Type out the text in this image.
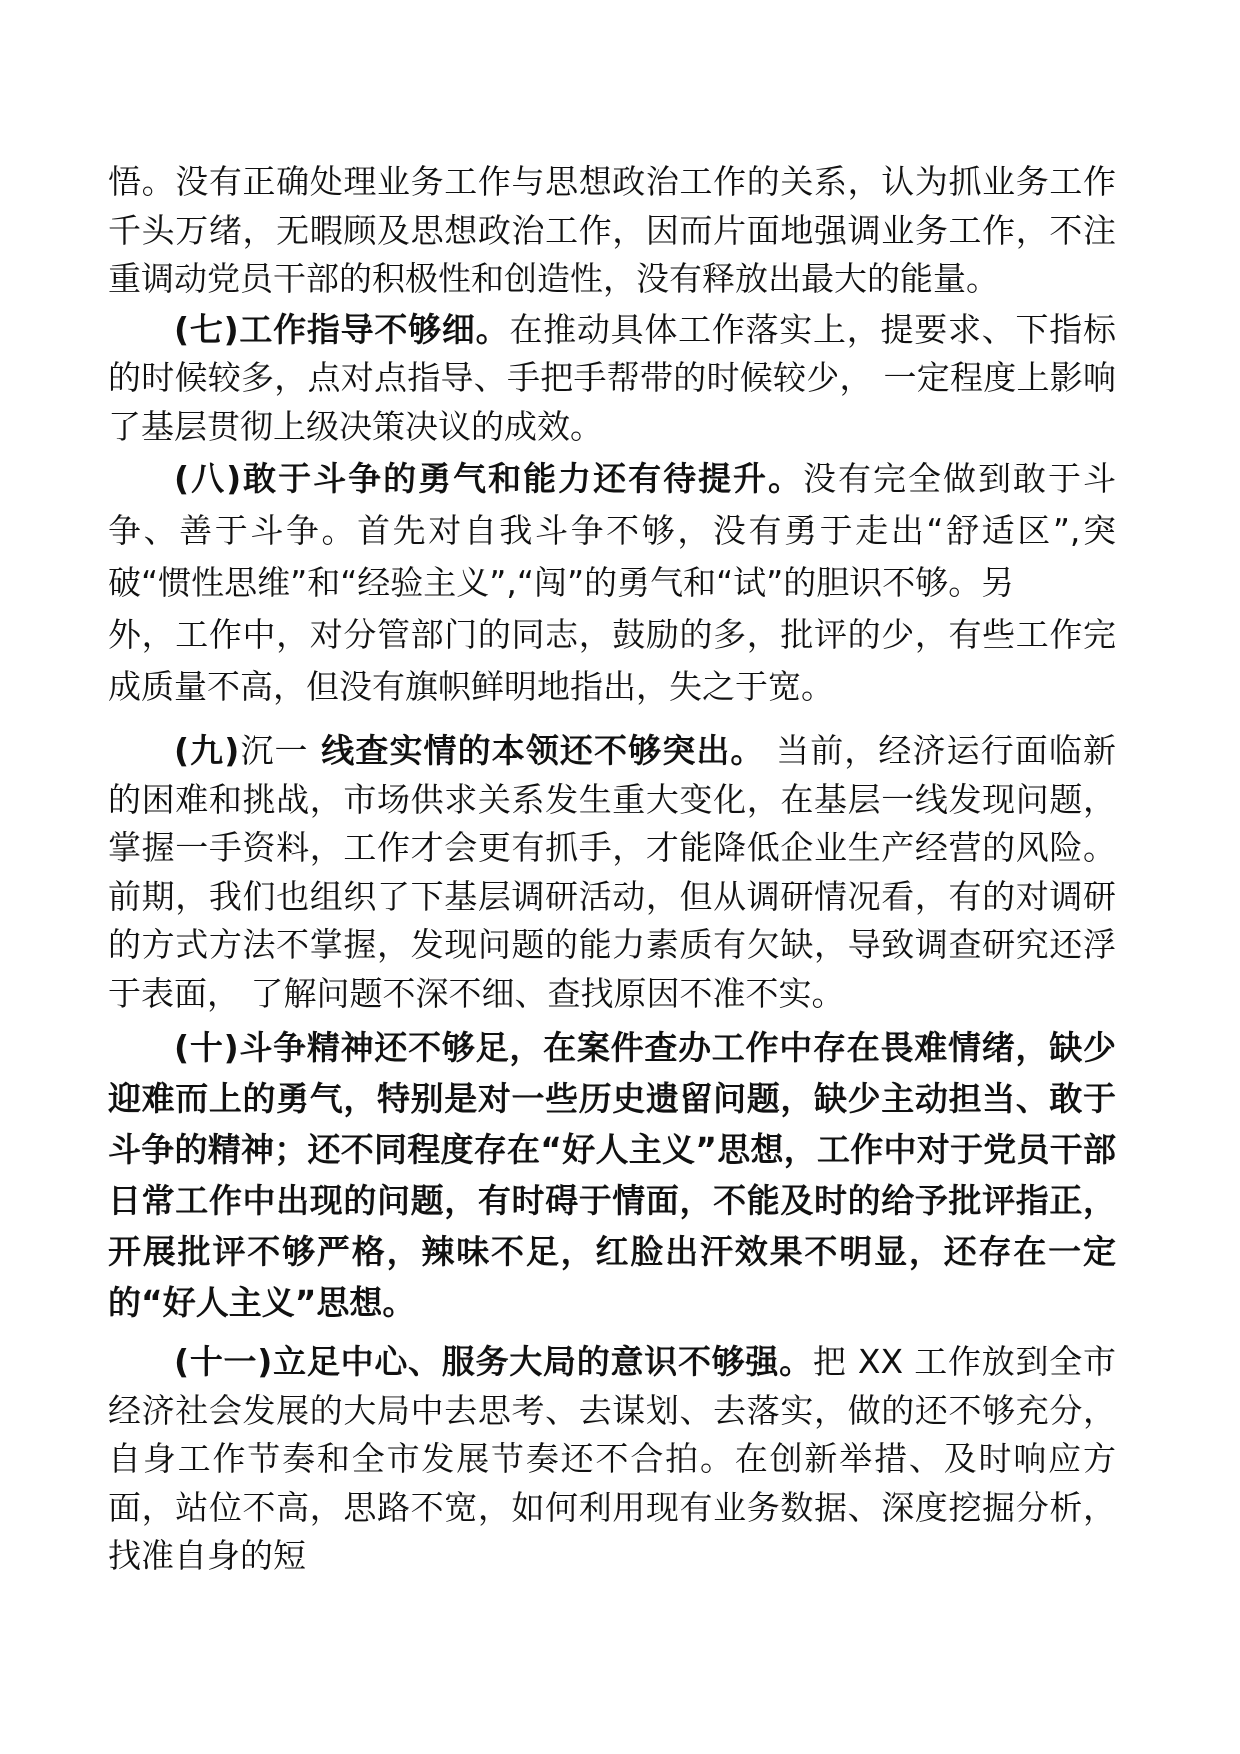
悟。没有正确处理业务工作与思想政治工作的关系，认为抓业务工作千头万绪，无暇顾及思想政治工作，因而片面地强调业务工作，不注重调动党员干部的积极性和创造性，没有释放出最大的能量。

(七)工作指导不够细。在推动具体工作落实上，提要求、下指标的时候较多，点对点指导、手把手帮带的时候较少， 一定程度上影响了基层贯彻上级决策决议的成效。

(八)敢于斗争的勇气和能力还有待提升。没有完全做到敢于斗争、善于斗争。首先对自我斗争不够，没有勇于走出“舒适区”,突破“惯性思维”和“经验主义”,“闯”的勇气和“试”的胆识不够。另

外，工作中，对分管部门的同志，鼓励的多，批评的少，有些工作完成质量不高，但没有旗帜鲜明地指出，失之于宽。

(九)沉一 线查实情的本领还不够突出。 当前，经济运行面临新的困难和挑战，市场供求关系发生重大变化，在基层一线发现问题，掌握一手资料，工作才会更有抓手，才能降低企业生产经营的风险。前期，我们也组织了下基层调研活动，但从调研情况看，有的对调研的方式方法不掌握，发现问题的能力素质有欠缺，导致调查研究还浮于表面， 了解问题不深不细、查找原因不准不实。

(十)斗争精神还不够足，在案件查办工作中存在畏难情绪，缺少迎难而上的勇气，特别是对一些历史遗留问题，缺少主动担当、敢于斗争的精神；还不同程度存在“好人主义”思想，工作中对于党员干部日常工作中出现的问题，有时碍于情面，不能及时的给予批评指正，开展批评不够严格，辣味不足，红脸出汗效果不明显，还存在一定的“好人主义”思想。

(十一)立足中心、服务大局的意识不够强。把 XX 工作放到全市经济社会发展的大局中去思考、去谋划、去落实，做的还不够充分，自身工作节奏和全市发展节奏还不合拍。在创新举措、及时响应方面，站位不高，思路不宽，如何利用现有业务数据、深度挖掘分析，找准自身的短
